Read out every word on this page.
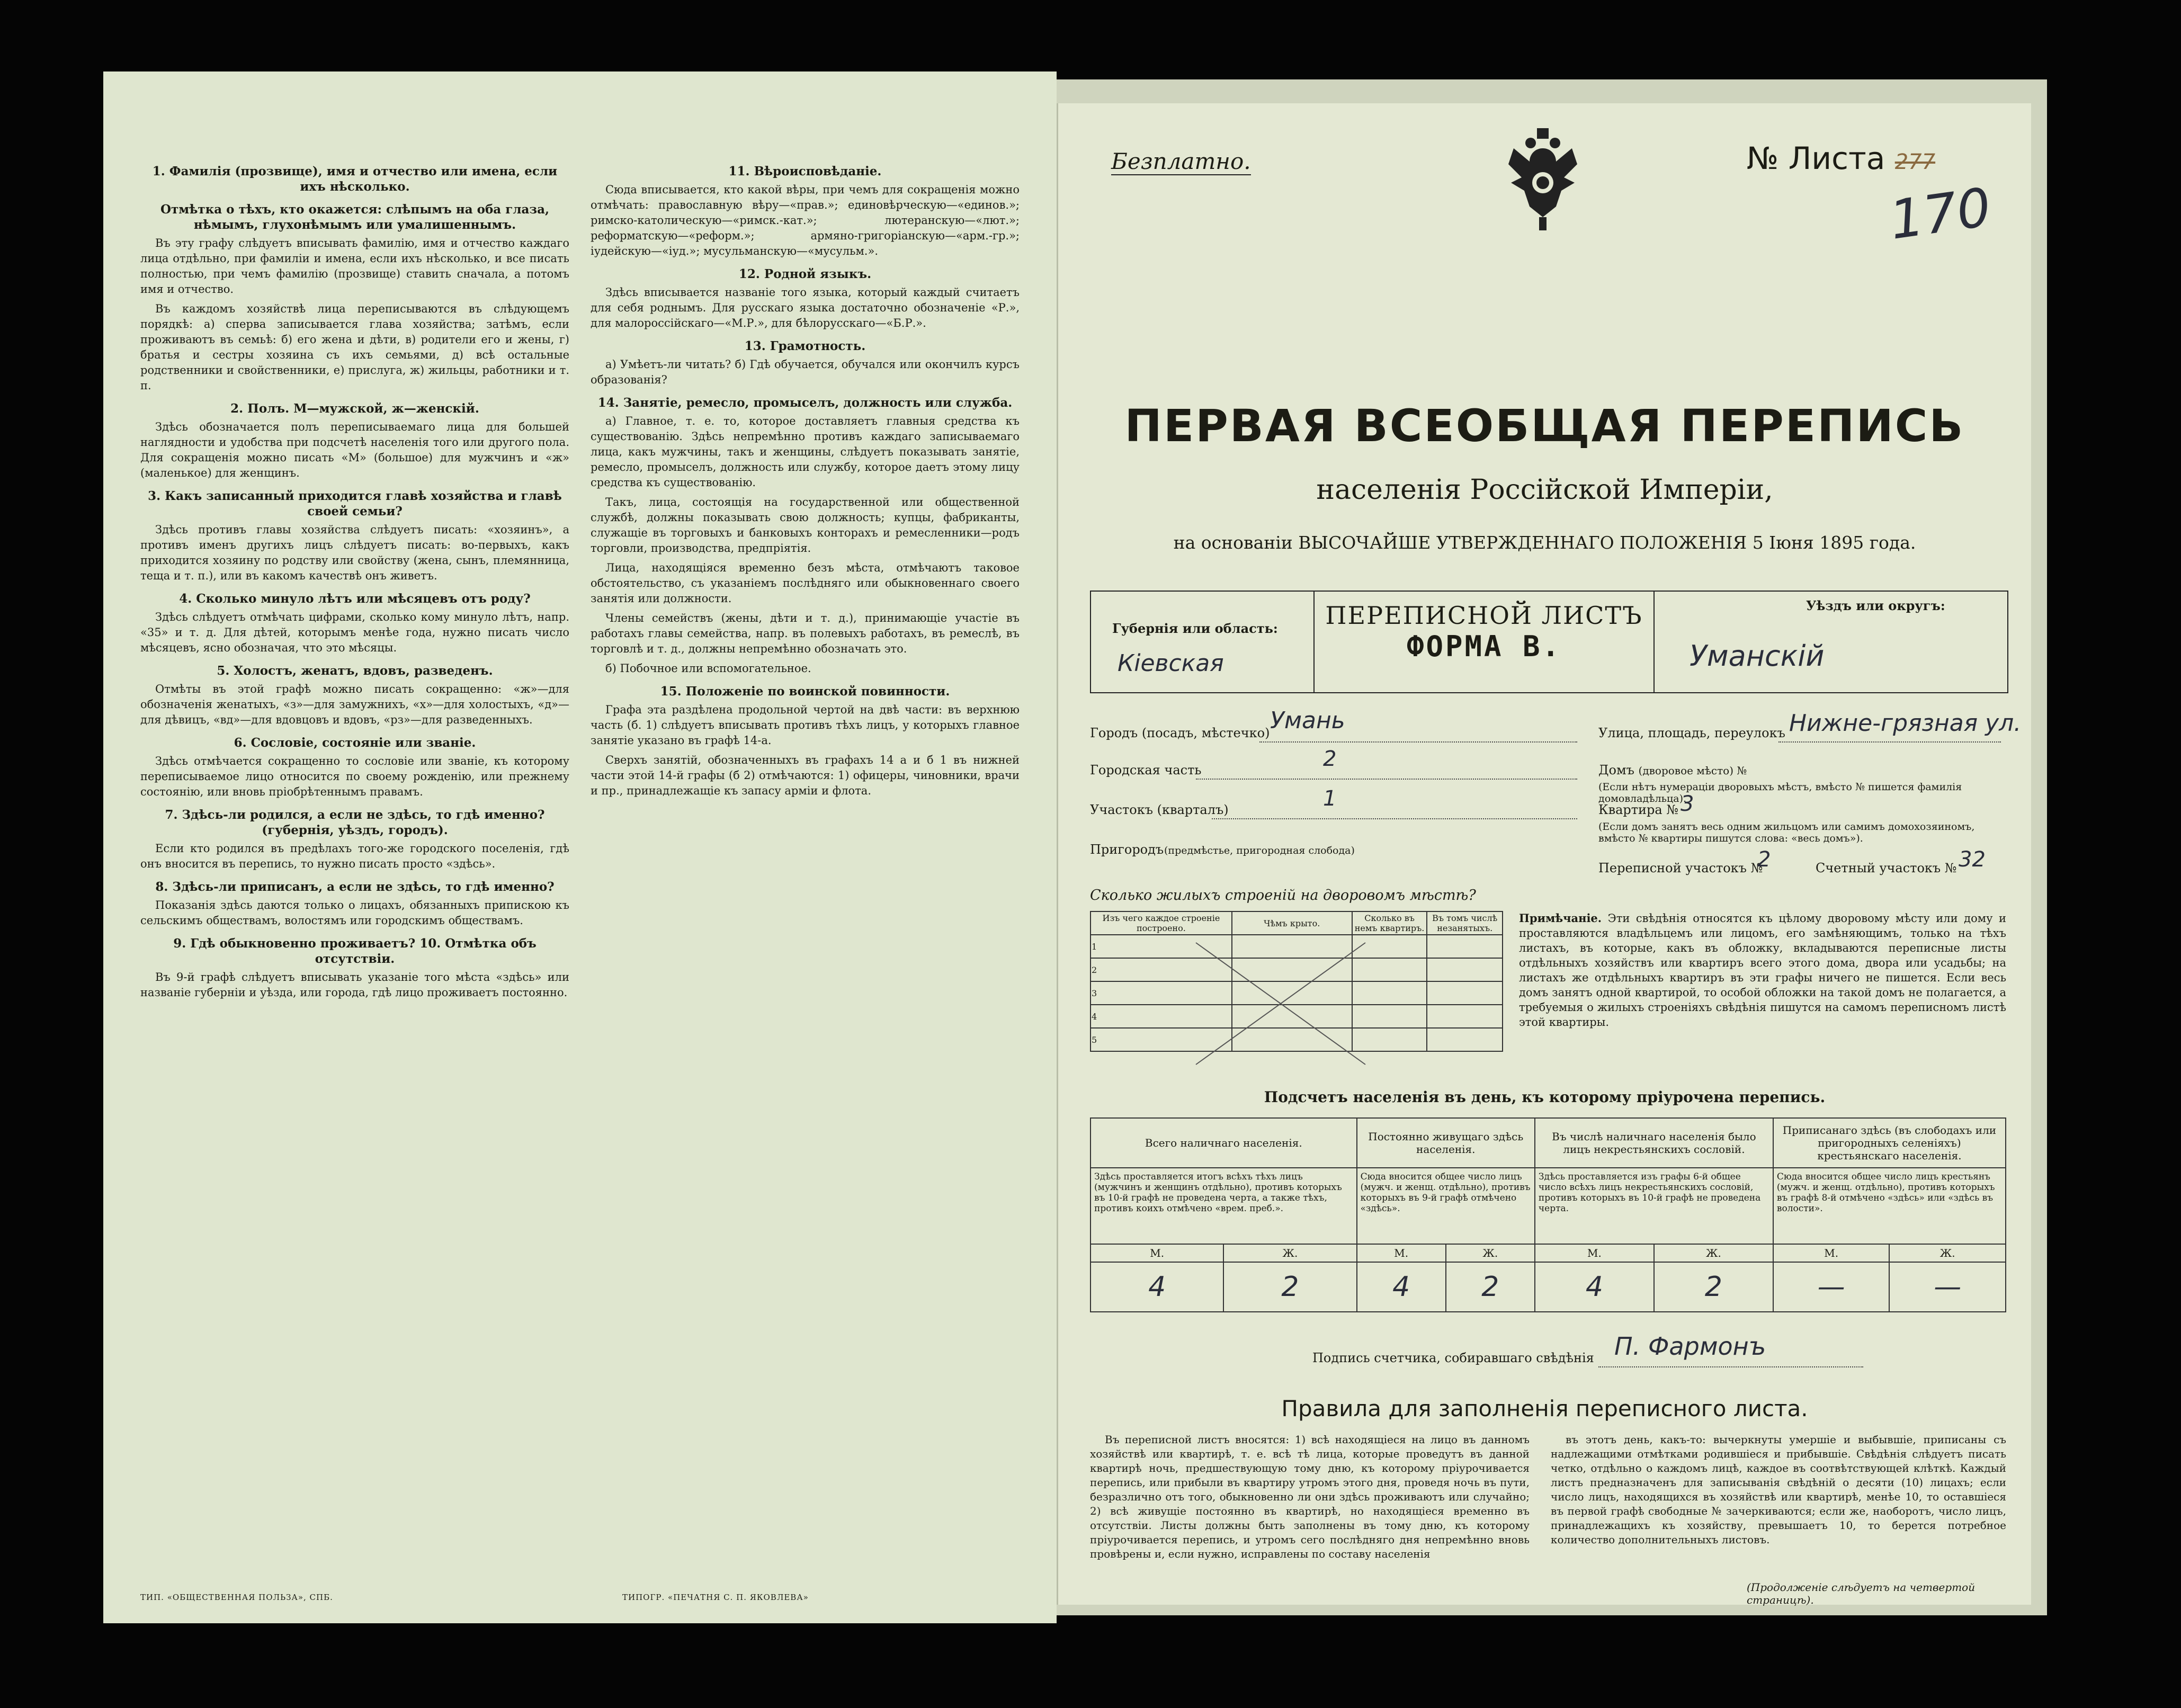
1. Фамилія (прозвище), имя и отчество или имена, если ихъ нѣсколько.
Отмѣтка о тѣхъ, кто окажется: слѣпымъ на оба глаза, нѣмымъ, глухонѣмымъ или умалишеннымъ.

Въ эту графу слѣдуетъ вписывать фамилію, имя и отчество каждаго лица отдѣльно, при фамиліи и имена, если ихъ нѣсколько, и все писать полностью, при чемъ фамилію (прозвище) ставить сначала, а потомъ имя и отчество.

Въ каждомъ хозяйствѣ лица переписываются въ слѣдующемъ порядкѣ: а) сперва записывается глава хозяйства; затѣмъ, если проживаютъ въ семьѣ: б) его жена и дѣти, в) родители его и жены, г) братья и сестры хозяина съ ихъ семьями, д) всѣ остальные родственники и свойственники, е) прислуга, ж) жильцы, работники и т. п.

2. Полъ. М—мужской, ж—женскій.

Здѣсь обозначается полъ переписываемаго лица для большей наглядности и удобства при подсчетѣ населенія того или другого пола. Для сокращенія можно писать «М» (большое) для мужчинъ и «ж» (маленькое) для женщинъ.

3. Какъ записанный приходится главѣ хозяйства и главѣ своей семьи?

Здѣсь противъ главы хозяйства слѣдуетъ писать: «хозяинъ», а противъ именъ другихъ лицъ слѣдуетъ писать: во-первыхъ, какъ приходится хозяину по родству или свойству (жена, сынъ, племянница, теща и т. п.), или въ какомъ качествѣ онъ живетъ.

4. Сколько минуло лѣтъ или мѣсяцевъ отъ роду?

Здѣсь слѣдуетъ отмѣчать цифрами, сколько кому минуло лѣтъ, напр. «35» и т. д. Для дѣтей, которымъ менѣе года, нужно писать число мѣсяцевъ, ясно обозначая, что это мѣсяцы.

5. Холостъ, женатъ, вдовъ, разведенъ.

Отмѣты въ этой графѣ можно писать сокращенно: «ж»—для обозначенія женатыхъ, «з»—для замужнихъ, «х»—для холостыхъ, «д»—для дѣвицъ, «вд»—для вдовцовъ и вдовъ, «рз»—для разведенныхъ.

6. Сословіе, состояніе или званіе.

Здѣсь отмѣчается сокращенно то сословіе или званіе, къ которому переписываемое лицо относится по своему рожденію, или прежнему состоянію, или вновь пріобрѣтеннымъ правамъ.

7. Здѣсь-ли родился, а если не здѣсь, то гдѣ именно? (губернія, уѣздъ, городъ).

Если кто родился въ предѣлахъ того-же городского поселенія, гдѣ онъ вносится въ перепись, то нужно писать просто «здѣсь».

8. Здѣсь-ли приписанъ, а если не здѣсь, то гдѣ именно?

Показанія здѣсь даются только о лицахъ, обязанныхъ припискою къ сельскимъ обществамъ, волостямъ или городскимъ обществамъ.

9. Гдѣ обыкновенно проживаетъ? 10. Отмѣтка объ отсутствіи.

Въ 9-й графѣ слѣдуетъ вписывать указаніе того мѣста «здѣсь» или названіе губерніи и уѣзда, или города, гдѣ лицо проживаетъ постоянно.

11. Вѣроисповѣданіе.

Сюда вписывается, кто какой вѣры, при чемъ для сокращенія можно отмѣчать: православную вѣру—«прав.»; единовѣрческую—«единов.»; римско-католическую—«римск.-кат.»; лютеранскую—«лют.»; реформатскую—«реформ.»; армяно-григоріанскую—«арм.-гр.»; іудейскую—«іуд.»; мусульманскую—«мусульм.».

12. Родной языкъ.

Здѣсь вписывается названіе того языка, который каждый считаетъ для себя роднымъ. Для русскаго языка достаточно обозначеніе «Р.», для малороссійскаго—«М.Р.», для бѣлорусскаго—«Б.Р.».

13. Грамотность.

а) Умѣетъ-ли читать? б) Гдѣ обучается, обучался или окончилъ курсъ образованія?

14. Занятіе, ремесло, промыселъ, должность или служба.

а) Главное, т. е. то, которое доставляетъ главныя средства къ существованію. Здѣсь непремѣнно противъ каждаго записываемаго лица, какъ мужчины, такъ и женщины, слѣдуетъ показывать занятіе, ремесло, промыселъ, должность или службу, которое даетъ этому лицу средства къ существованію.

Такъ, лица, состоящія на государственной или общественной службѣ, должны показывать свою должность; купцы, фабриканты, служащіе въ торговыхъ и банковыхъ конторахъ и ремесленники—родъ торговли, производства, предпріятія.

Лица, находящіяся временно безъ мѣста, отмѣчаютъ таковое обстоятельство, съ указаніемъ послѣдняго или обыкновеннаго своего занятія или должности.

Члены семействъ (жены, дѣти и т. д.), принимающіе участіе въ работахъ главы семейства, напр. въ полевыхъ работахъ, въ ремеслѣ, въ торговлѣ и т. д., должны непремѣнно обозначать это.

б) Побочное или вспомогательное.

15. Положеніе по воинской повинности.

Графа эта раздѣлена продольной чертой на двѣ части: въ верхнюю часть (б. 1) слѣдуетъ вписывать противъ тѣхъ лицъ, у которыхъ главное занятіе указано въ графѣ 14-а.

Сверхъ занятій, обозначенныхъ въ графахъ 14 а и б 1 въ нижней части этой 14-й графы (б 2) отмѣчаются: 1) офицеры, чиновники, врачи и пр., принадлежащіе къ запасу армiи и флота.

ТИП. «ОБЩЕСТВЕННАЯ ПОЛЬЗА», СПБ.	ТИПОГР. «ПЕЧАТНЯ С. П. ЯКОВЛЕВА»
Безплатно.	№ Листа 277
170
ПЕРВАЯ ВСЕОБЩАЯ ПЕРЕПИСЬ
населенія Россійской Имперіи,
на основаніи ВЫСОЧАЙШЕ УТВЕРЖДЕННАГО ПОЛОЖЕНІЯ 5 Іюня 1895 года.
Губернія или область:
Кіевская
ПЕРЕПИСНОЙ ЛИСТЪ
ФОРМА В.
Уѣздъ или округъ:
Уманскій
Городъ (посадъ, мѣстечко) Умань
Городская часть	2
Участокъ (кварталъ)	1
Пригородъ (предмѣстье, пригородная слобода)
Улица, площадь, переулокъ Нижне-грязная ул.
Домъ (дворовое мѣсто) №
(Если нѣтъ нумераціи дворовыхъ мѣстъ, вмѣсто № пишется фамилія домовладѣльца).
Квартира № 3
(Если домъ занятъ весь одним жильцомъ или самимъ домохозяиномъ, вмѣсто № квартиры пишутся слова: «весь домъ»).
Переписной участокъ №
2	Счетный участокъ № 32
Сколько жилыхъ строеній на дворовомъ мѣстѣ?
Изъ чего каждое строеніе построено.	Чѣмъ крыто.	Сколько въ немъ квартиръ.	Въ томъ числѣ незанятыхъ.
1			
2			
3			
4			
5			
Примѣчаніе. Эти свѣдѣнія относятся къ цѣлому дворовому мѣсту или дому и проставляются владѣльцемъ или лицомъ, его замѣняющимъ, только на тѣхъ листахъ, въ которые, какъ въ обложку, вкладываются переписные листы отдѣльныхъ хозяйствъ или квартиръ всего этого дома, двора или усадьбы; на листахъ же отдѣльныхъ квартиръ въ эти графы ничего не пишется. Если весь домъ занятъ одной квартирой, то особой обложки на такой домъ не полагается, а требуемыя о жилыхъ строеніяхъ свѣдѣнія пишутся на самомъ переписномъ листѣ этой квартиры.
Подсчетъ населенія въ день, къ которому пріурочена перепись.
Всего наличнаго населенія.		Постоянно живущаго здѣсь населенія.		Въ числѣ наличнаго населенія было лицъ некрестьянскихъ сословій.		Приписанаго здѣсь (въ слободахъ или пригородныхъ селеніяхъ) крестьянскаго населенія.	
Здѣсь проставляется итогъ всѣхъ тѣхъ лицъ (мужчинъ и женщинъ отдѣльно), противъ которыхъ въ 10-й графѣ не проведена черта, а также тѣхъ, противъ коихъ отмѣчено «врем. преб.».		Сюда вносится общее число лицъ (мужч. и женщ. отдѣльно), противъ которыхъ въ 9-й графѣ отмѣчено «здѣсь».		Здѣсь проставляется изъ графы 6-й общее число всѣхъ лицъ некрестьянскихъ сословій, противъ которыхъ въ 10-й графѣ не проведена черта.		Сюда вносится общее число лицъ крестьянъ (мужч. и женщ. отдѣльно), противъ которыхъ въ графѣ 8-й отмѣчено «здѣсь» или «здѣсь въ волости».	
М.	Ж.	М.	Ж.	М.	Ж.	М.	Ж.
4	2	4	2	4	2	—	—
Подпись счетчика, собиравшаго свѣдѣнія П. Фармонъ
Правила для заполненія переписного листа.
Въ переписной листъ вносятся: 1) всѣ находящіеся на лицо въ данномъ хозяйствѣ или квартирѣ, т. е. всѣ тѣ лица, которые проведутъ въ данной квартирѣ ночь, предшествующую тому дню, къ которому пріурочивается перепись, или прибыли въ квартиру утромъ этого дня, проведя ночь въ пути, безразлично отъ того, обыкновенно ли они здѣсь проживаютъ или случайно; 2) всѣ живущіе постоянно въ квартирѣ, но находящіеся временно въ отсутствіи. Листы должны быть заполнены въ тому дню, къ которому пріурочивается перепись, и утромъ сего послѣдняго дня непремѣнно вновь провѣрены и, если нужно, исправлены по составу населенія
въ этотъ день, какъ-то: вычеркнуты умершіе и выбывшіе, приписаны съ надлежащими отмѣтками родившіеся и прибывшіе. Свѣдѣнія слѣдуетъ писать четко, отдѣльно о каждомъ лицѣ, каждое въ соотвѣтствующей клѣткѣ. Каждый листъ предназначенъ для записыванія свѣдѣній о десяти (10) лицахъ; если число лицъ, находящихся въ хозяйствѣ или квартирѣ, менѣе 10, то оставшіеся въ первой графѣ свободные № зачеркиваются; если же, наоборотъ, число лицъ, принадлежащихъ къ хозяйству, превышаетъ 10, то берется потребное количество дополнительныхъ листовъ.
(Продолженіе слѣдуетъ на четвертой страницѣ).
